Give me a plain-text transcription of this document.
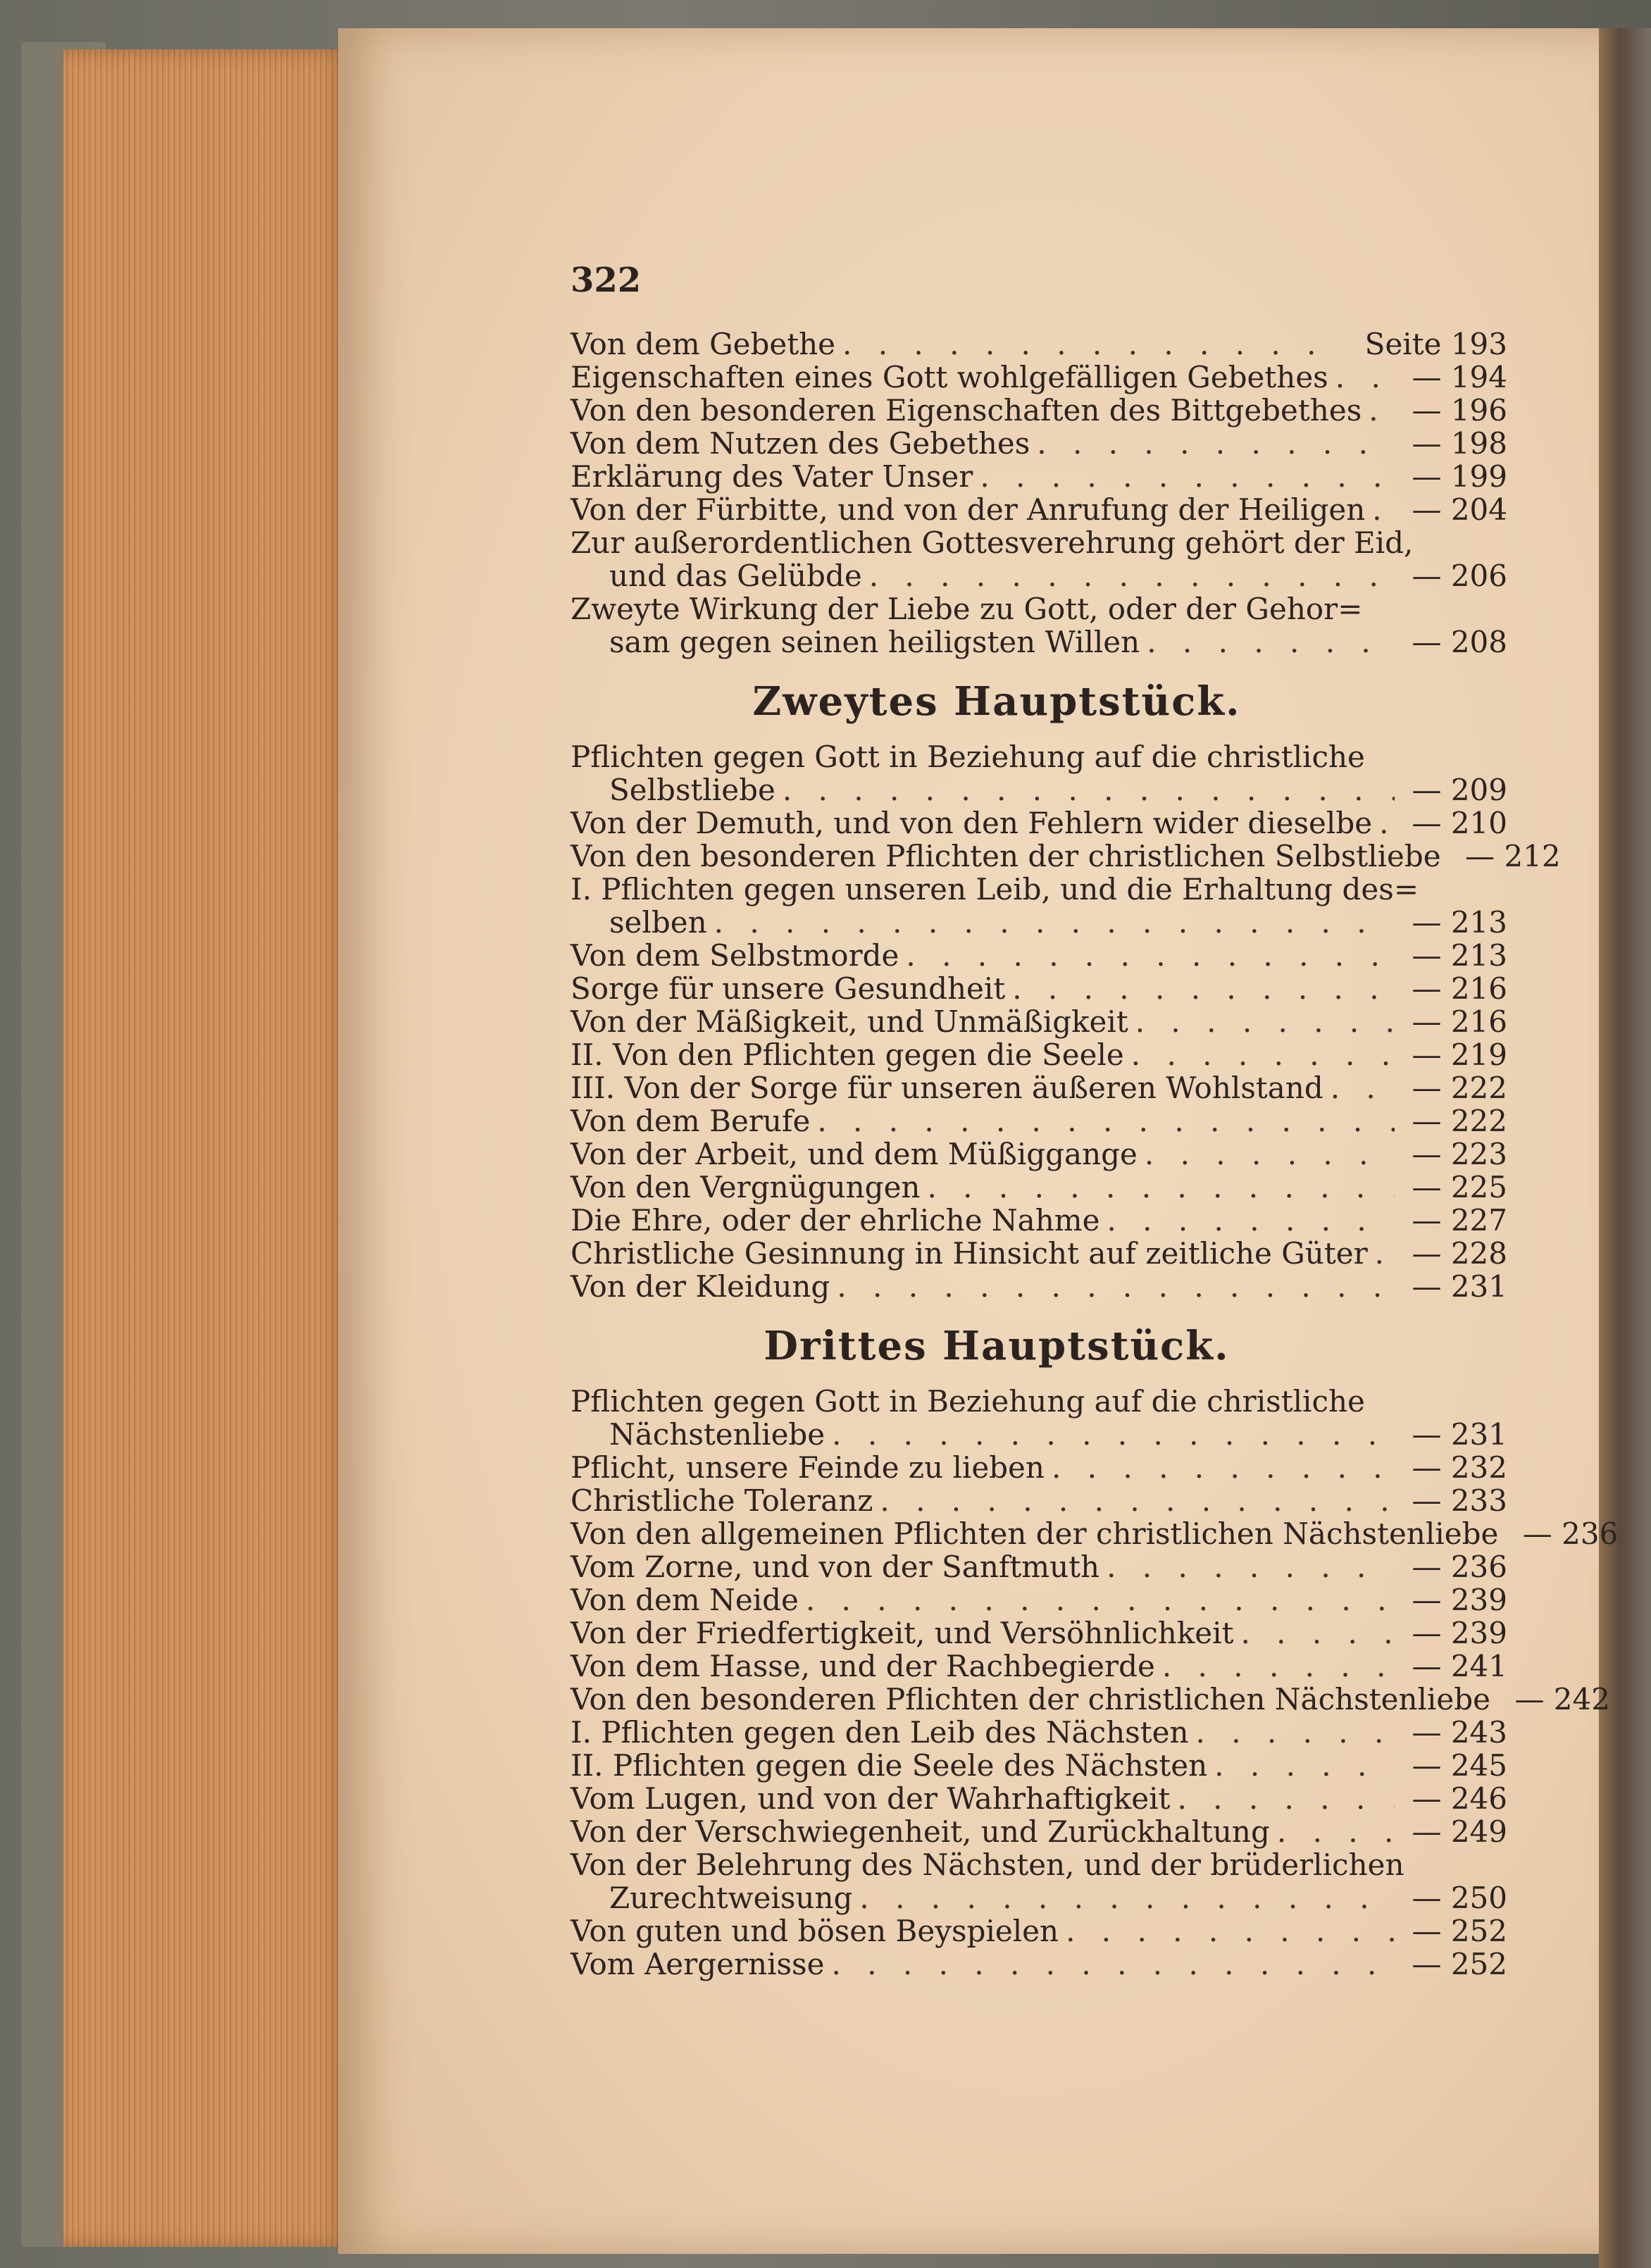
322
Von dem Gebethe . . .	Seite 193
Eigenschaften eines Gott wohlgefälligen Gebethes . . .	— 194
Von den besonderen Eigenschaften des Bittgebethes . . .	— 196
Von dem Nutzen des Gebethes . . .	— 198
Erklärung des Vater Unser . . .	— 199
Von der Fürbitte, und von der Anrufung der Heiligen . . .	— 204
Zur außerordentlichen Gottesverehrung gehört der Eid,
und das Gelübde . . .	— 206
Zweyte Wirkung der Liebe zu Gott, oder der Gehor=
sam gegen seinen heiligsten Willen . . .	— 208
Zweytes Hauptstück.
Pflichten gegen Gott in Beziehung auf die christliche
Selbstliebe . . .	— 209
Von der Demuth, und von den Fehlern wider dieselbe . . .	— 210
Von den besonderen Pflichten der christlichen Selbstliebe — 212
I. Pflichten gegen unseren Leib, und die Erhaltung des=
selben . . .	— 213
Von dem Selbstmorde . . .	— 213
Sorge für unsere Gesundheit . . .	— 216
Von der Mäßigkeit, und Unmäßigkeit . . .	— 216
II. Von den Pflichten gegen die Seele . . .	— 219
III. Von der Sorge für unseren äußeren Wohlstand . . .	— 222
Von dem Berufe . . .	— 222
Von der Arbeit, und dem Müßiggange . . .	— 223
Von den Vergnügungen . . .	— 225
Die Ehre, oder der ehrliche Nahme . . .	— 227
Christliche Gesinnung in Hinsicht auf zeitliche Güter . . .	— 228
Von der Kleidung . . .	— 231
Drittes Hauptstück.
Pflichten gegen Gott in Beziehung auf die christliche
Nächstenliebe . . .	— 231
Pflicht, unsere Feinde zu lieben . . .	— 232
Christliche Toleranz . . .	— 233
Von den allgemeinen Pflichten der christlichen Nächstenliebe — 236
Vom Zorne, und von der Sanftmuth . . .	— 236
Von dem Neide . . .	— 239
Von der Friedfertigkeit, und Versöhnlichkeit . . .	— 239
Von dem Hasse, und der Rachbegierde . . .	— 241
Von den besonderen Pflichten der christlichen Nächstenliebe — 242
I. Pflichten gegen den Leib des Nächsten . . .	— 243
II. Pflichten gegen die Seele des Nächsten . . .	— 245
Vom Lugen, und von der Wahrhaftigkeit . . .	— 246
Von der Verschwiegenheit, und Zurückhaltung . . .	— 249
Von der Belehrung des Nächsten, und der brüderlichen
Zurechtweisung . . .	— 250
Von guten und bösen Beyspielen . . .	— 252
Vom Aergernisse . . .	— 252
